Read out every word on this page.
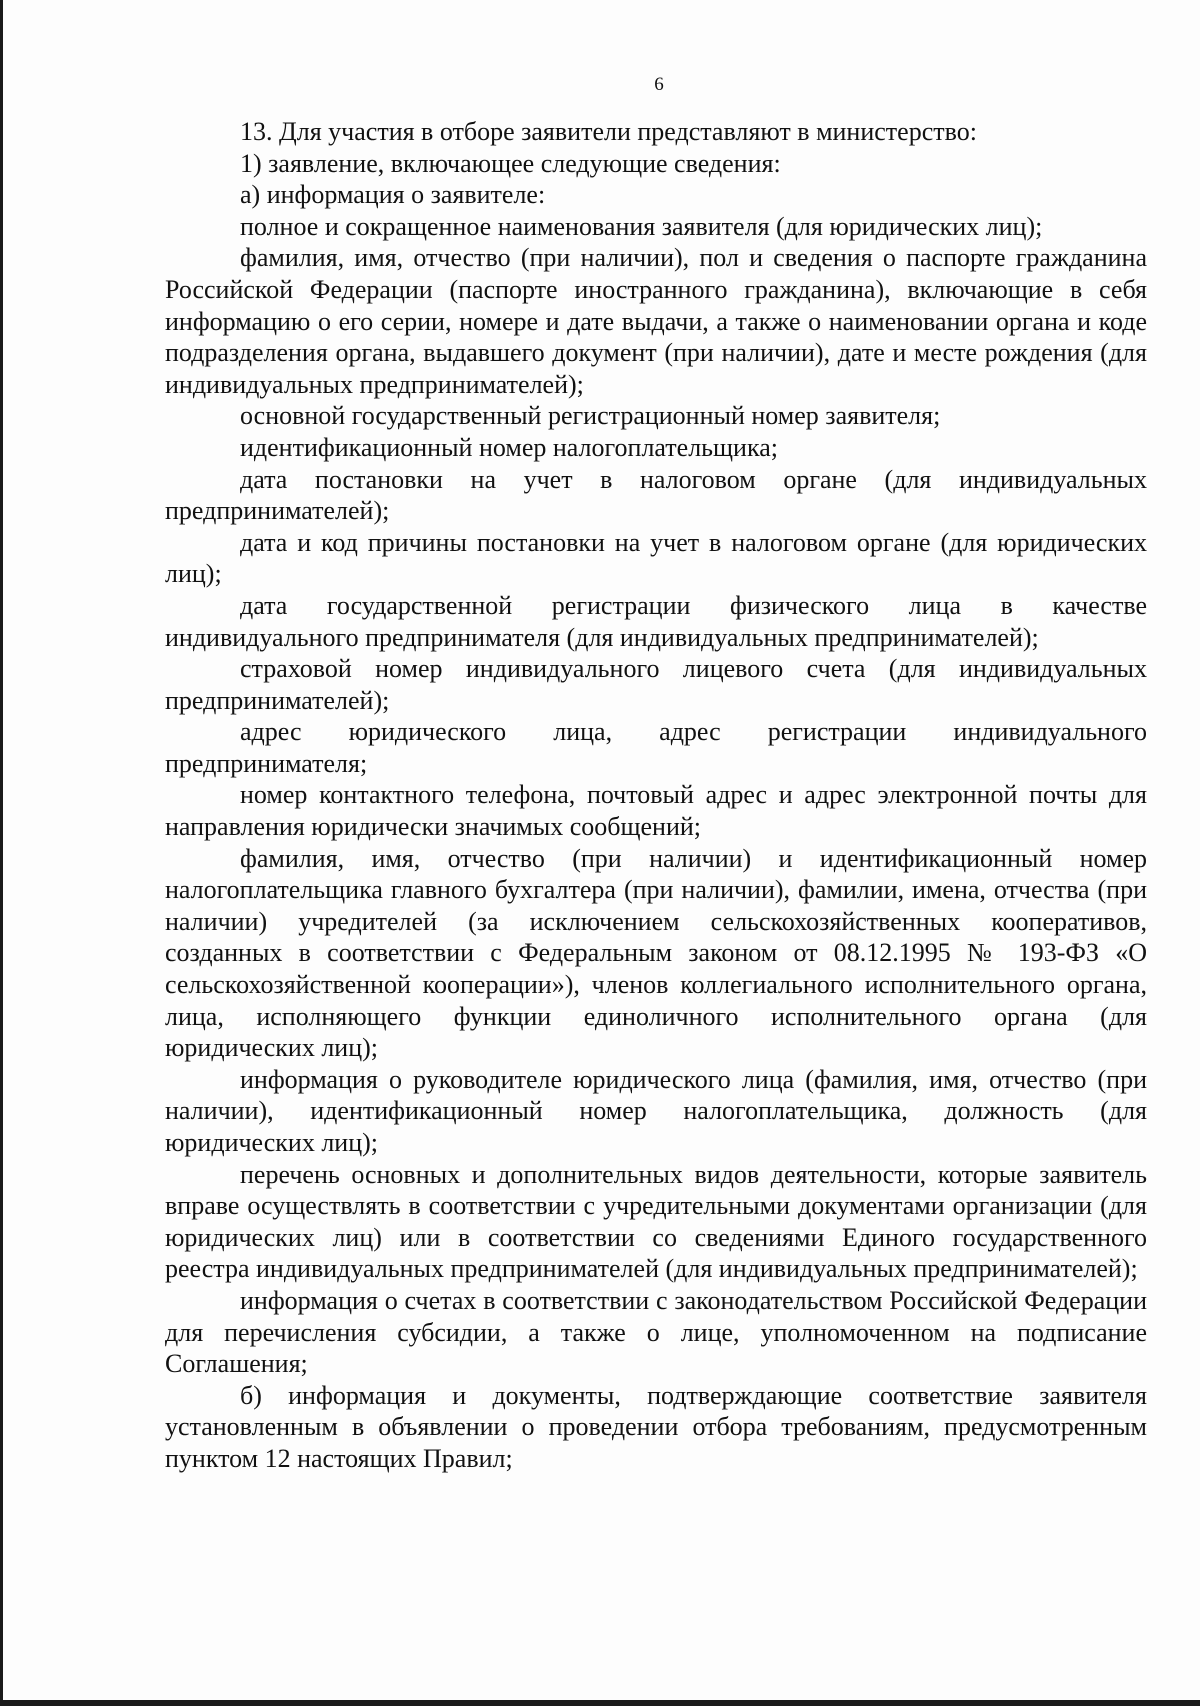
6

13. Для участия в отборе заявители представляют в министерство:

1) заявление, включающее следующие сведения:

а) информация о заявителе:

полное и сокращенное наименования заявителя (для юридических лиц);

фамилия, имя, отчество (при наличии), пол и сведения о паспорте гражданина Российской Федерации (паспорте иностранного гражданина), включающие в себя информацию о его серии, номере и дате выдачи, а также о наименовании органа и коде подразделения органа, выдавшего документ (при наличии), дате и месте рождения (для индивидуальных предпринимателей);

основной государственный регистрационный номер заявителя;

идентификационный номер налогоплательщика;

дата постановки на учет в налоговом органе (для индивидуальных предпринимателей);

дата и код причины постановки на учет в налоговом органе (для юридических лиц);

дата государственной регистрации физического лица в качестве индивидуального предпринимателя (для индивидуальных предпринимателей);

страховой номер индивидуального лицевого счета (для индивидуальных предпринимателей);

адрес юридического лица, адрес регистрации индивидуального предпринимателя;

номер контактного телефона, почтовый адрес и адрес электронной почты для направления юридически значимых сообщений;

фамилия, имя, отчество (при наличии) и идентификационный номер налогоплательщика главного бухгалтера (при наличии), фамилии, имена, отчества (при наличии) учредителей (за исключением сельскохозяйственных кооперативов, созданных в соответствии с Федеральным законом от 08.12.1995 № 193-ФЗ «О сельскохозяйственной кооперации»), членов коллегиального исполнительного органа, лица, исполняющего функции единоличного исполнительного органа (для юридических лиц);

информация о руководителе юридического лица (фамилия, имя, отчество (при наличии), идентификационный номер налогоплательщика, должность (для юридических лиц);

перечень основных и дополнительных видов деятельности, которые заявитель вправе осуществлять в соответствии с учредительными документами организации (для юридических лиц) или в соответствии со сведениями Единого государственного реестра индивидуальных предпринимателей (для индивидуальных предпринимателей);

информация о счетах в соответствии с законодательством Российской Федерации для перечисления субсидии, а также о лице, уполномоченном на подписание Соглашения;

б) информация и документы, подтверждающие соответствие заявителя установленным в объявлении о проведении отбора требованиям, предусмотренным пунктом 12 настоящих Правил;
